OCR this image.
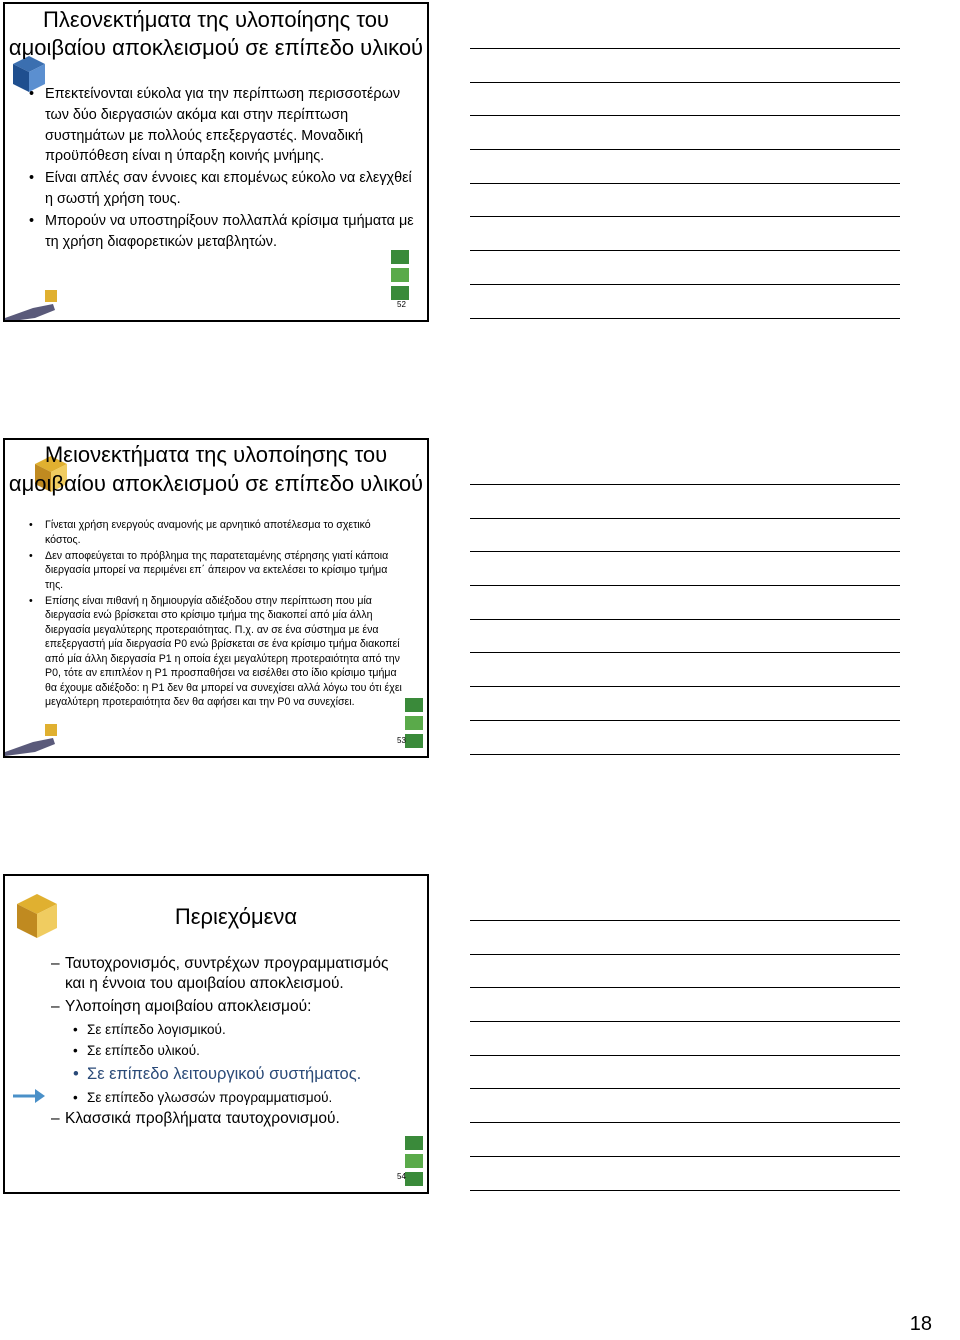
Πλεονεκτήματα της υλοποίησης του αμοιβαίου αποκλεισμού σε επίπεδο υλικού
• Επεκτείνονται εύκολα για την περίπτωση περισσοτέρων των δύο διεργασιών ακόμα και στην περίπτωση συστημάτων με πολλούς επεξεργαστές. Μοναδική προϋπόθεση είναι η ύπαρξη κοινής μνήμης.
• Είναι απλές σαν έννοιες και επομένως εύκολο να ελεγχθεί η σωστή χρήση τους.
• Μπορούν να υποστηρίξουν πολλαπλά κρίσιμα τμήματα με τη χρήση διαφορετικών μεταβλητών.
52
Μειονεκτήματα της υλοποίησης του αμοιβαίου αποκλεισμού σε επίπεδο υλικού
• Γίνεται χρήση ενεργούς αναμονής με αρνητικό αποτέλεσμα το σχετικό κόστος.
• Δεν αποφεύγεται το πρόβλημα της παρατεταμένης στέρησης γιατί κάποια διεργασία μπορεί να περιμένει επ΄ άπειρον να εκτελέσει το κρίσιμο τμήμα της.
• Επίσης είναι πιθανή η δημιουργία αδιέξοδου στην περίπτωση που μία διεργασία ενώ βρίσκεται στο κρίσιμο τμήμα της διακοπεί από μία άλλη διεργασία μεγαλύτερης προτεραιότητας. Π.χ. αν σε ένα σύστημα με ένα επεξεργαστή μία διεργασία P0 ενώ βρίσκεται σε ένα κρίσιμο τμήμα διακοπεί από μία άλλη διεργασία P1 η οποία έχει μεγαλύτερη προτεραιότητα από την P0, τότε αν επιπλέον η P1 προσπαθήσει να εισέλθει στο ίδιο κρίσιμο τμήμα θα έχουμε αδιέξοδο: η P1 δεν θα μπορεί να συνεχίσει αλλά λόγω του ότι έχει μεγαλύτερη προτεραιότητα δεν θα αφήσει και την P0 να συνεχίσει.
53
Περιεχόμενα
– Ταυτοχρονισμός, συντρέχων προγραμματισμός και η έννοια του αμοιβαίου αποκλεισμού.
– Υλοποίηση αμοιβαίου αποκλεισμού:
• Σε επίπεδο λογισμικού.
• Σε επίπεδο υλικού.
• Σε επίπεδο λειτουργικού συστήματος.
• Σε επίπεδο γλωσσών προγραμματισμού.
– Κλασσικά προβλήματα ταυτοχρονισμού.
54
18
